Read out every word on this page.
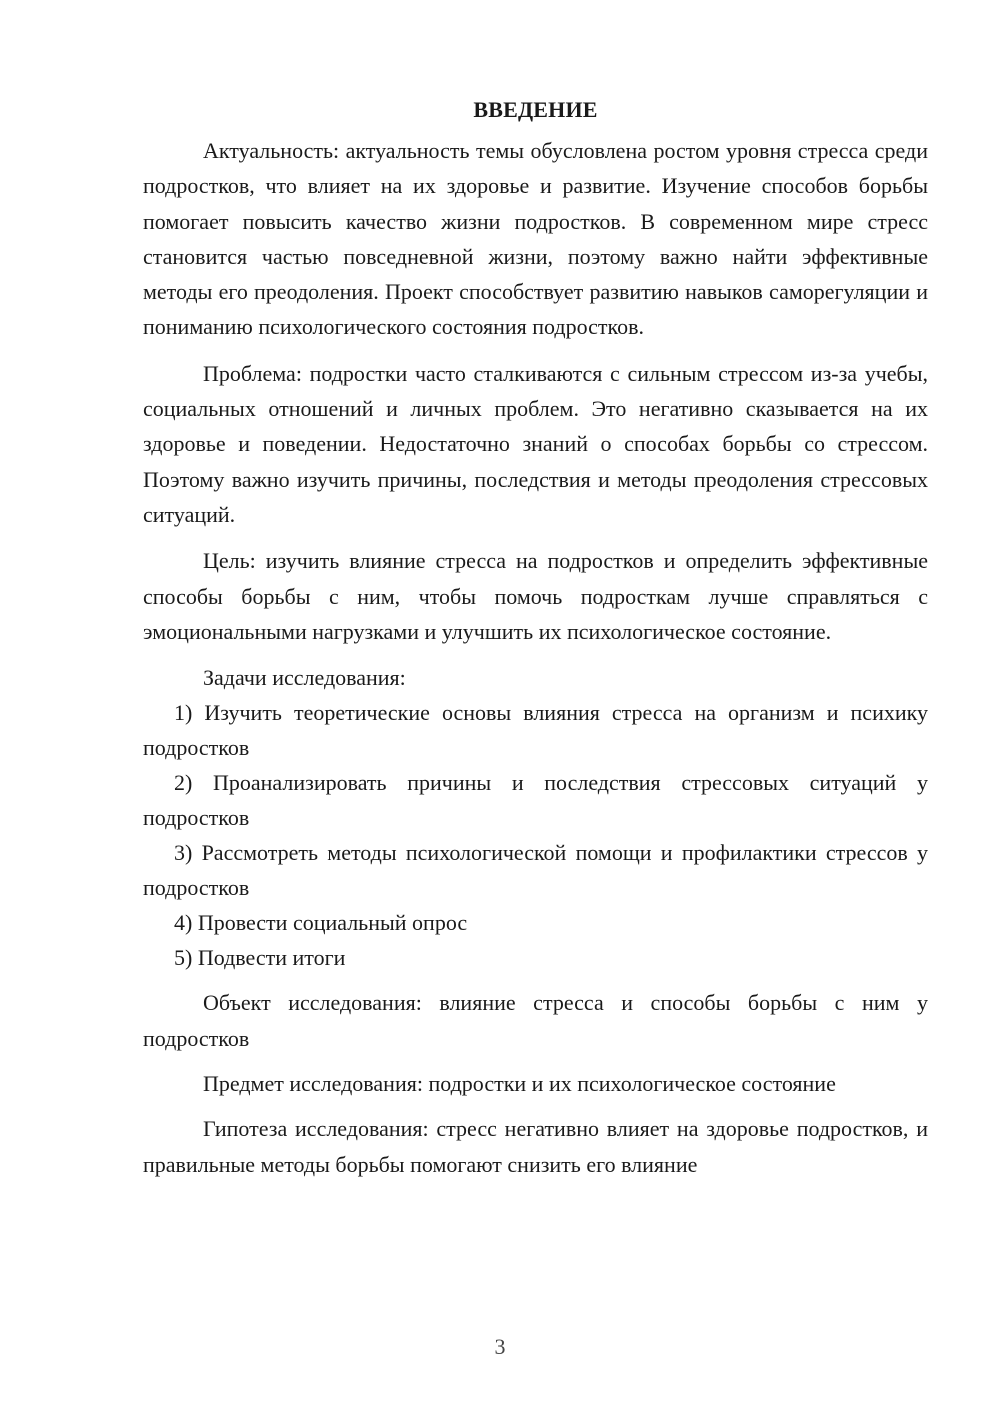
ВВЕДЕНИЕ

Актуальность: актуальность темы обусловлена ростом уровня стресса среди подростков, что влияет на их здоровье и развитие. Изучение способов борьбы помогает повысить качество жизни подростков. В современном мире стресс становится частью повседневной жизни, поэтому важно найти эффективные методы его преодоления. Проект способствует развитию навыков саморегуляции и пониманию психологического состояния подростков.

Проблема: подростки часто сталкиваются с сильным стрессом из-за учебы, социальных отношений и личных проблем. Это негативно сказывается на их здоровье и поведении. Недостаточно знаний о способах борьбы со стрессом. Поэтому важно изучить причины, последствия и методы преодоления стрессовых ситуаций.

Цель: изучить влияние стресса на подростков и определить эффективные способы борьбы с ним, чтобы помочь подросткам лучше справляться с эмоциональными нагрузками и улучшить их психологическое состояние.

Задачи исследования:

1) Изучить теоретические основы влияния стресса на организм и психику подростков

2) Проанализировать причины и последствия стрессовых ситуаций у подростков

3) Рассмотреть методы психологической помощи и профилактики стрессов у подростков

4) Провести социальный опрос

5) Подвести итоги

Объект исследования: влияние стресса и способы борьбы с ним у подростков

Предмет исследования: подростки и их психологическое состояние

Гипотеза исследования: стресс негативно влияет на здоровье подростков, и правильные методы борьбы помогают снизить его влияние

3
